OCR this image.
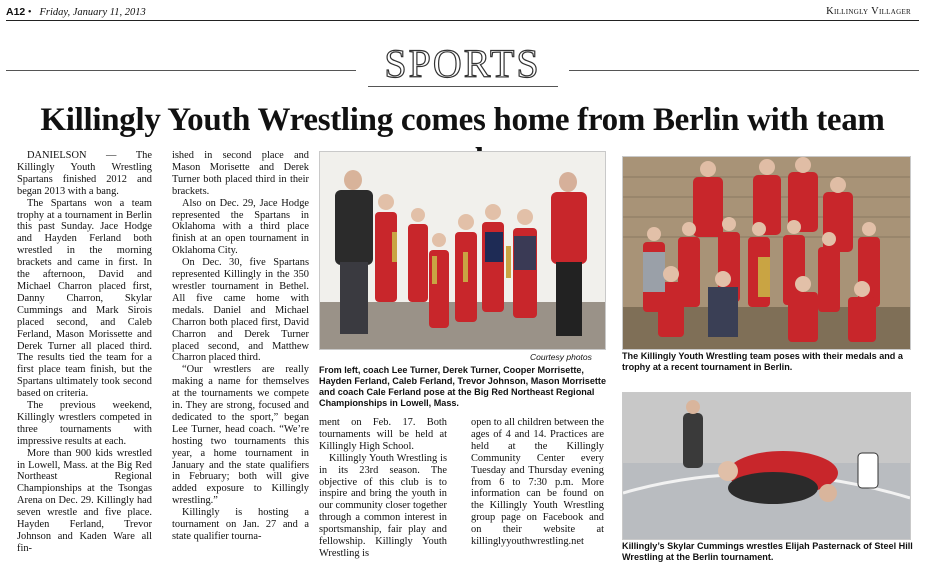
A12 • Friday, January 11, 2013	Killingly Villager
SPORTS
Killingly Youth Wrestling comes home from Berlin with team

DANIELSON — The Killingly Youth Wrestling Spartans finished 2012 and began 2013 with a bang.

The Spartans won a team trophy at a tournament in Berlin this past Sunday. Jace Hodge and Hayden Ferland both wrestled in the morning brackets and came in first. In the afternoon, David and Michael Charron placed first, Danny Charron, Skylar Cummings and Mark Sirois placed second, and Caleb Ferland, Mason Morissette and Derek Turner all placed third. The results tied the team for a first place team finish, but the Spartans ultimately took second based on criteria.

The previous weekend, Killingly wrestlers competed in three tournaments with impressive results at each.

More than 900 kids wrestled in Lowell, Mass. at the Big Red Northeast Regional Championships at the Tsongas Arena on Dec. 29. Killingly had seven wrestle and five place. Hayden Ferland, Trevor Johnson and Kaden Ware all fin-

ished in second place and Mason Morisette and Derek Turner both placed third in their brackets.

Also on Dec. 29, Jace Hodge represented the Spartans in Oklahoma with a third place finish at an open tournament in Oklahoma City.

On Dec. 30, five Spartans represented Killingly in the 350 wrestler tournament in Bethel. All five came home with medals. Daniel and Michael Charron both placed first, David Charron and Derek Turner placed second, and Matthew Charron placed third.

“Our wrestlers are really making a name for themselves at the tournaments we compete in. They are strong, focused and dedicated to the sport,” began Lee Turner, head coach. “We’re hosting two tournaments this year, a home tournament in January and the state qualifiers in February; both will give added exposure to Killingly wrestling.”

Killingly is hosting a tournament on Jan. 27 and a state qualifier tourna-

ment on Feb. 17. Both tournaments will be held at Killingly High School.

Killingly Youth Wrestling is in its 23rd season. The objective of this club is to inspire and bring the youth in our community closer together through a common interest in sportsmanship, fair play and fellowship. Killingly Youth Wrestling is

open to all children between the ages of 4 and 14. Practices are held at the Killingly Community Center every Tuesday and Thursday evening from 6 to 7:30 p.m. More information can be found on the Killingly Youth Wrestling group page on Facebook and on their website at killinglyyouthwrestling.net

Courtesy photos
From left, coach Lee Turner, Derek Turner, Cooper Morrisette, Hayden Ferland, Caleb Ferland, Trevor Johnson, Mason Morrisette and coach Cale Ferland pose at the Big Red Northeast Regional Championships in Lowell, Mass.
The Killingly Youth Wrestling team poses with their medals and a trophy at a recent tournament in Berlin.
Killingly’s Skylar Cummings wrestles Elijah Pasternack of Steel Hill Wrestling at the Berlin tournament.
